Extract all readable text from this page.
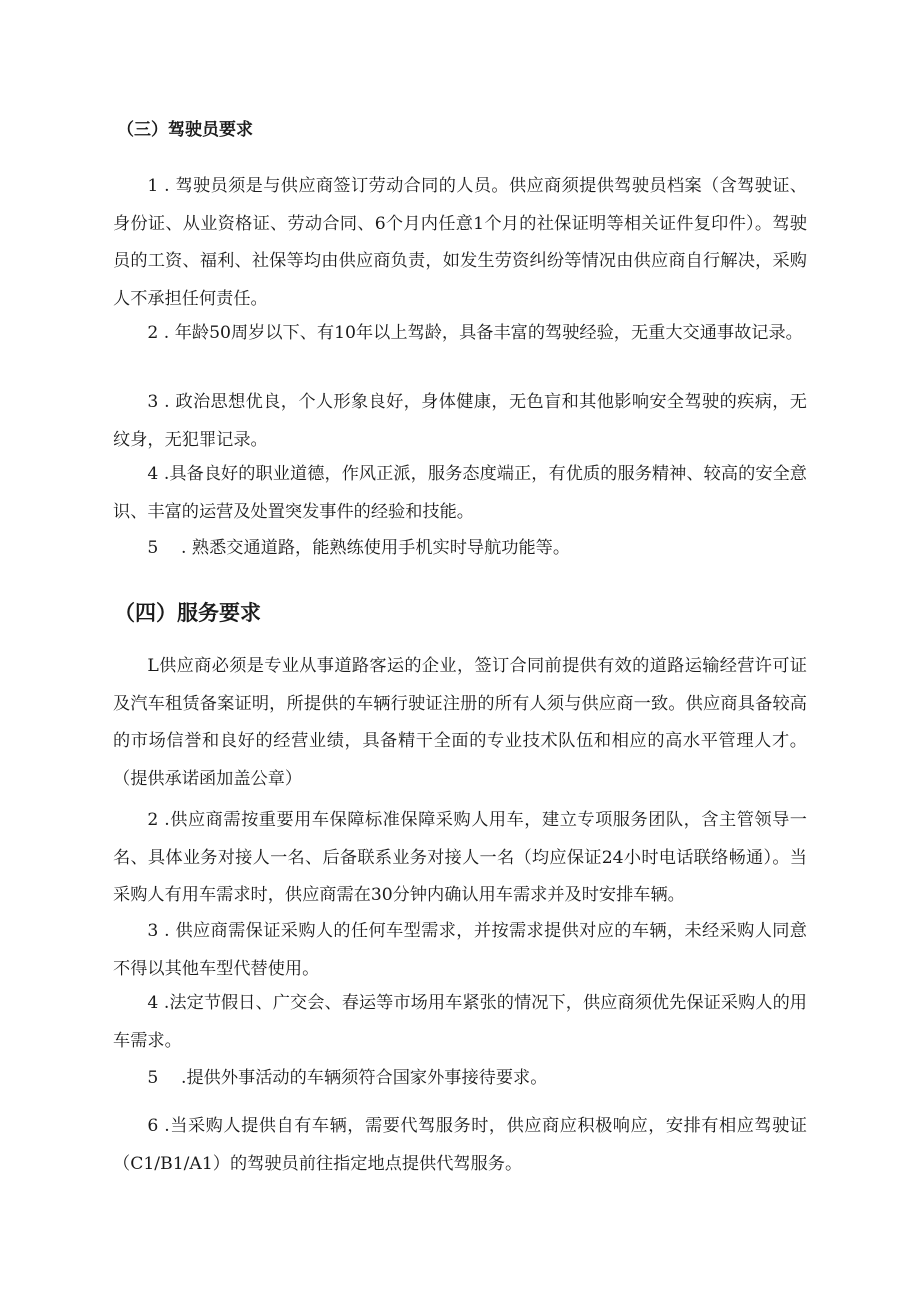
（三）驾驶员要求

1 . 驾驶员须是与供应商签订劳动合同的人员。供应商须提供驾驶员档案（含驾驶证、身份证、从业资格证、劳动合同、6个月内任意1个月的社保证明等相关证件复印件）。驾驶员的工资、福利、社保等均由供应商负责，如发生劳资纠纷等情况由供应商自行解决，采购人不承担任何责任。

2 . 年龄50周岁以下、有10年以上驾龄，具备丰富的驾驶经验，无重大交通事故记录。

3 . 政治思想优良，个人形象良好，身体健康，无色盲和其他影响安全驾驶的疾病，无纹身，无犯罪记录。

4 .具备良好的职业道德，作风正派，服务态度端正，有优质的服务精神、较高的安全意识、丰富的运营及处置突发事件的经验和技能。

5　 . 熟悉交通道路，能熟练使用手机实时导航功能等。

（四）服务要求

L供应商必须是专业从事道路客运的企业，签订合同前提供有效的道路运输经营许可证及汽车租赁备案证明，所提供的车辆行驶证注册的所有人须与供应商一致。供应商具备较高的市场信誉和良好的经营业绩，具备精干全面的专业技术队伍和相应的高水平管理人才。（提供承诺函加盖公章）

2 .供应商需按重要用车保障标准保障采购人用车，建立专项服务团队，含主管领导一名、具体业务对接人一名、后备联系业务对接人一名（均应保证24小时电话联络畅通）。当采购人有用车需求时，供应商需在30分钟内确认用车需求并及时安排车辆。

3 . 供应商需保证采购人的任何车型需求，并按需求提供对应的车辆，未经采购人同意不得以其他车型代替使用。

4 .法定节假日、广交会、春运等市场用车紧张的情况下，供应商须优先保证采购人的用车需求。

5　 .提供外事活动的车辆须符合国家外事接待要求。

6 .当采购人提供自有车辆，需要代驾服务时，供应商应积极响应，安排有相应驾驶证（C1/B1/A1）的驾驶员前往指定地点提供代驾服务。
